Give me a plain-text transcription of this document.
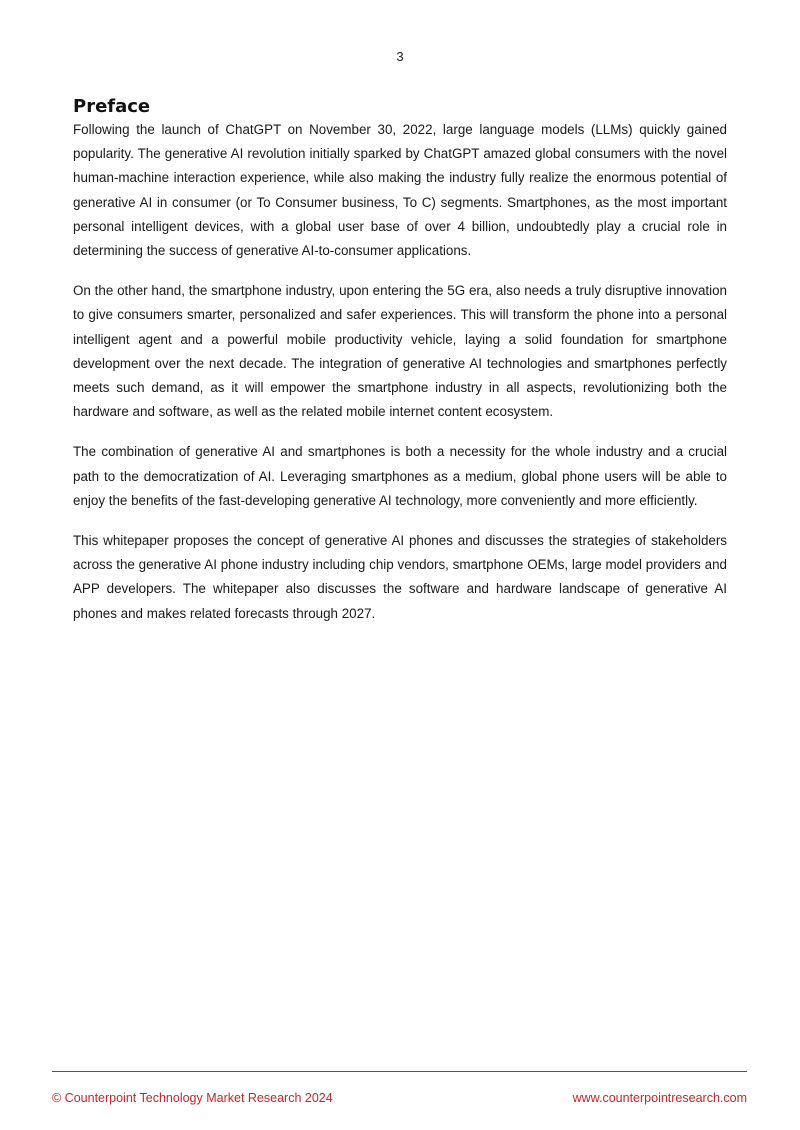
3
Preface

Following the launch of ChatGPT on November 30, 2022, large language models (LLMs) quickly gained popularity. The generative AI revolution initially sparked by ChatGPT amazed global consumers with the novel human-machine interaction experience, while also making the industry fully realize the enormous potential of generative AI in consumer (or To Consumer business, To C) segments. Smartphones, as the most important personal intelligent devices, with a global user base of over 4 billion, undoubtedly play a crucial role in determining the success of generative AI-to-consumer applications.

On the other hand, the smartphone industry, upon entering the 5G era, also needs a truly disruptive innovation to give consumers smarter, personalized and safer experiences. This will transform the phone into a personal intelligent agent and a powerful mobile productivity vehicle, laying a solid foundation for smartphone development over the next decade. The integration of generative AI technologies and smartphones perfectly meets such demand, as it will empower the smartphone industry in all aspects, revolutionizing both the hardware and software, as well as the related mobile internet content ecosystem.

The combination of generative AI and smartphones is both a necessity for the whole industry and a crucial path to the democratization of AI. Leveraging smartphones as a medium, global phone users will be able to enjoy the benefits of the fast-developing generative AI technology, more conveniently and more efficiently.

This whitepaper proposes the concept of generative AI phones and discusses the strategies of stakeholders across the generative AI phone industry including chip vendors, smartphone OEMs, large model providers and APP developers. The whitepaper also discusses the software and hardware landscape of generative AI phones and makes related forecasts through 2027.

© Counterpoint Technology Market Research 2024	www.counterpointresearch.com
